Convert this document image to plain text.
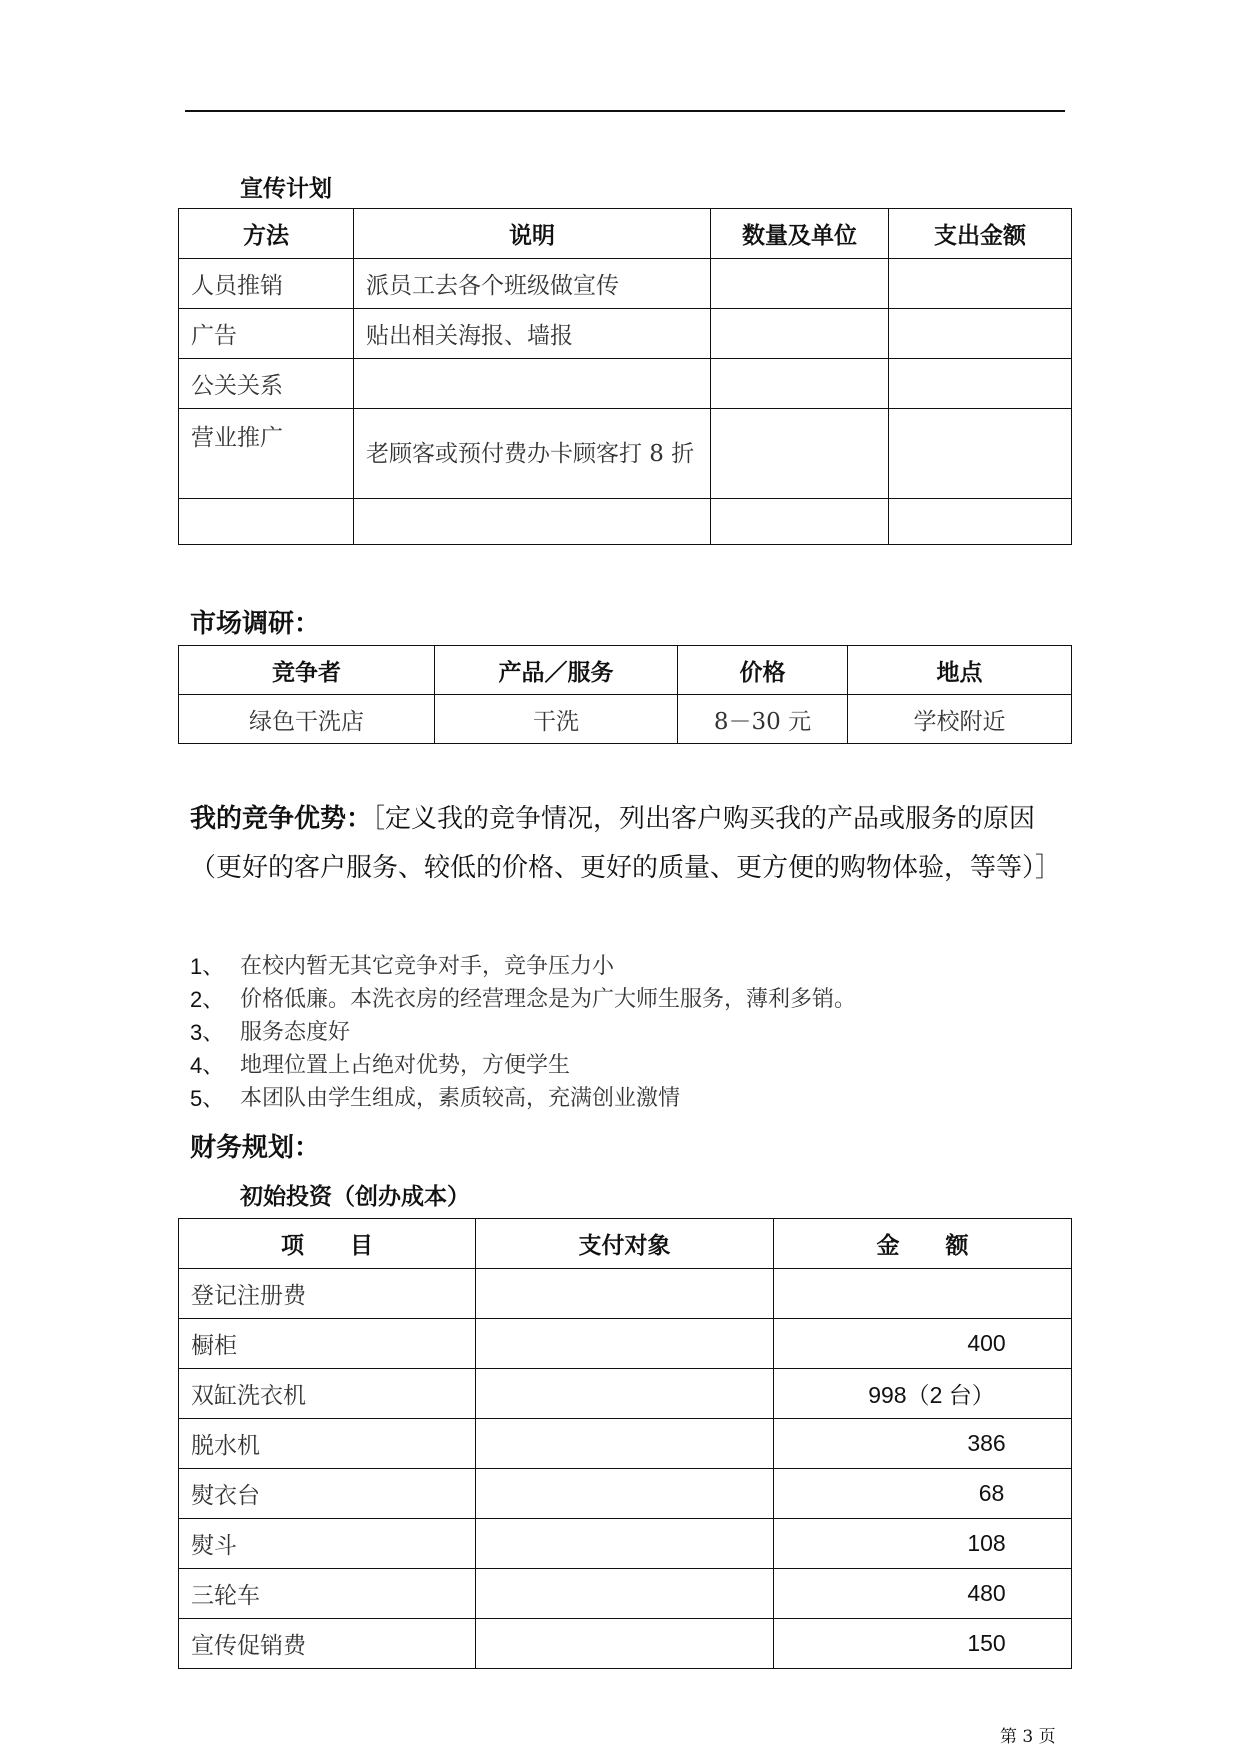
宣传计划
方法	说明	数量及单位	支出金额
人员推销	派员工去各个班级做宣传		
广告	贴出相关海报、墙报		
公关关系			
营业推广	老顾客或预付费办卡顾客打 8 折		

市场调研：
竞争者	产品／服务	价格	地点
绿色干洗店	干洗	8－30 元	学校附近
我的竞争优势：［定义我的竞争情况，列出客户购买我的产品或服务的原因（更好的客户服务、较低的价格、更好的质量、更方便的购物体验，等等）］
1、 在校内暂无其它竞争对手，竞争压力小
2、 价格低廉。本洗衣房的经营理念是为广大师生服务，薄利多销。
3、 服务态度好
4、 地理位置上占绝对优势，方便学生
5、 本团队由学生组成，素质较高，充满创业激情
财务规划：
初始投资（创办成本）
项　　目	支付对象	金　　额
登记注册费		
橱柜		400
双缸洗衣机		998（2 台）
脱水机		386
熨衣台		68
熨斗		108
三轮车		480
宣传促销费		150
第 3 页
